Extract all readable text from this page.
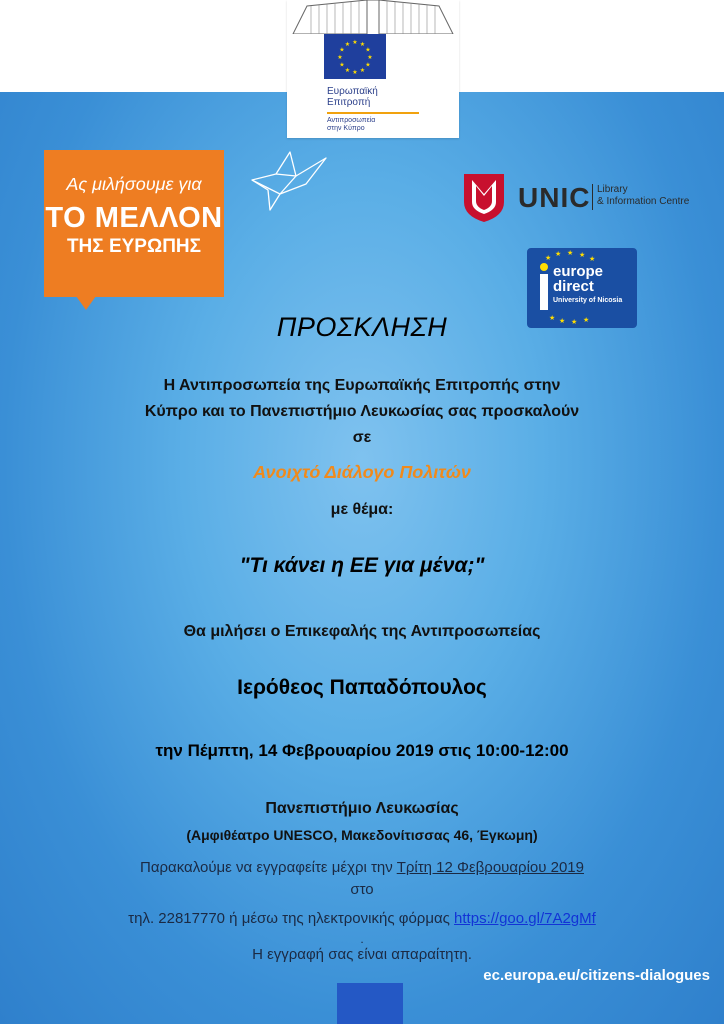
★ ★
★
★
★
★
★
★
★
★
★
★
Ευρωπαϊκή
Επιτροπή
Αντιπροσωπεία
στην Κύπρο
Ας μιλήσουμε για
ΤΟ ΜΕΛΛΟΝ
ΤΗΣ ΕΥΡΩΠΗΣ
UNIC Library
& Information Centre
★ ★ ★ ★ ★
★ ★ ★ ★
europe
direct
University of Nicosia
ΠΡΟΣΚΛΗΣΗ
Η Αντιπροσωπεία της Ευρωπαϊκής Επιτροπής στην
Κύπρο και το Πανεπιστήμιο Λευκωσίας σας προσκαλούν
σε
Ανοιχτό Διάλογο Πολιτών
με θέμα:
"Τι κάνει η ΕΕ για μένα;"
Θα μιλήσει ο Επικεφαλής της Αντιπροσωπείας
Ιερόθεος Παπαδόπουλος
την Πέμπτη, 14 Φεβρουαρίου 2019 στις 10:00-12:00
Πανεπιστήμιο Λευκωσίας
(Αμφιθέατρο UNESCO, Μακεδονίτισσας 46, Έγκωμη)
Παρακαλούμε να εγγραφείτε μέχρι την Τρίτη 12 Φεβρουαρίου 2019
στο
τηλ. 22817770 ή μέσω της ηλεκτρονικής φόρμας https://goo.gl/7A2gMf
.
Η εγγραφή σας είναι απαραίτητη.
ec.europa.eu/citizens-dialogues
